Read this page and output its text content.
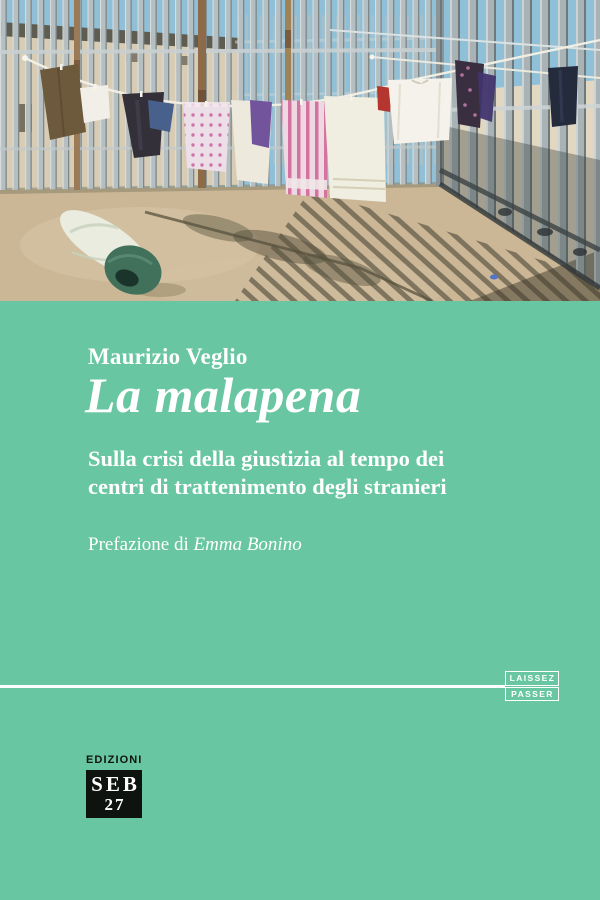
Maurizio Veglio
La malapena
Sulla crisi della giustizia al tempo dei
centri di trattenimento degli stranieri
Prefazione di Emma Bonino
LAISSEZ
PASSER
EDIZIONI
SEB
27
